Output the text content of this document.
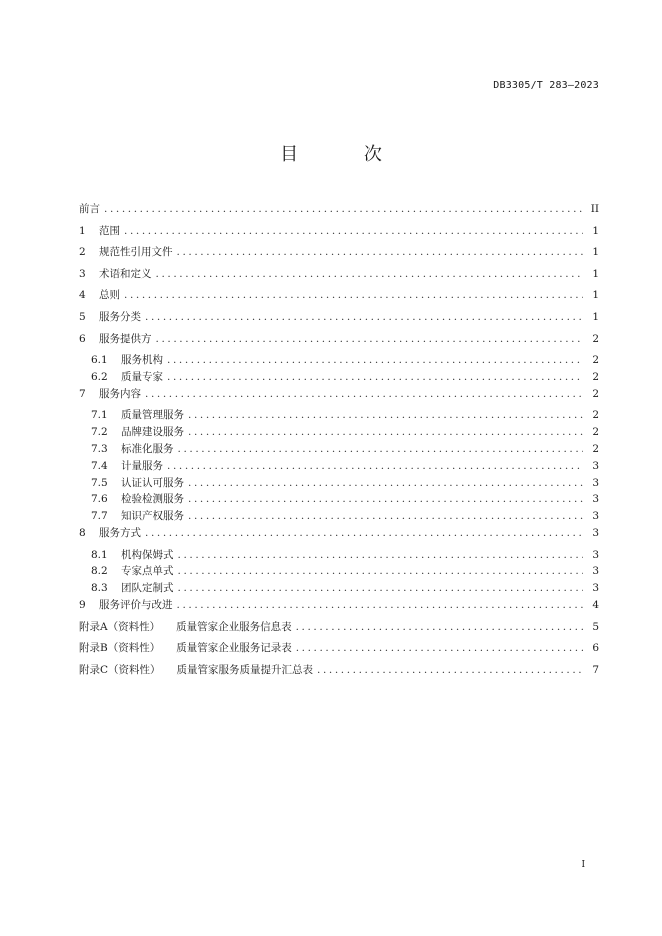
DB3305/T 283—2023
目 次
前言 .....	II
1	范围 .....	1
2	规范性引用文件 .....	1
3	术语和定义 .....	1
4	总则 .....	1
5	服务分类 .....	1
6	服务提供方 .....	2
6.1	服务机构 .....	2
6.2	质量专家 .....	2
7	服务内容 .....	2
7.1	质量管理服务 .....	2
7.2	品牌建设服务 .....	2
7.3	标准化服务 .....	2
7.4	计量服务 .....	3
7.5	认证认可服务 .....	3
7.6	检验检测服务 .....	3
7.7	知识产权服务 .....	3
8	服务方式 .....	3
8.1	机构保姆式 .....	3
8.2	专家点单式 .....	3
8.3	团队定制式 .....	3
9	服务评价与改进 .....	4
附录A（资料性） 质量管家企业服务信息表 .....	5
附录B（资料性） 质量管家企业服务记录表 .....	6
附录C（资料性） 质量管家服务质量提升汇总表 .....	7
I
